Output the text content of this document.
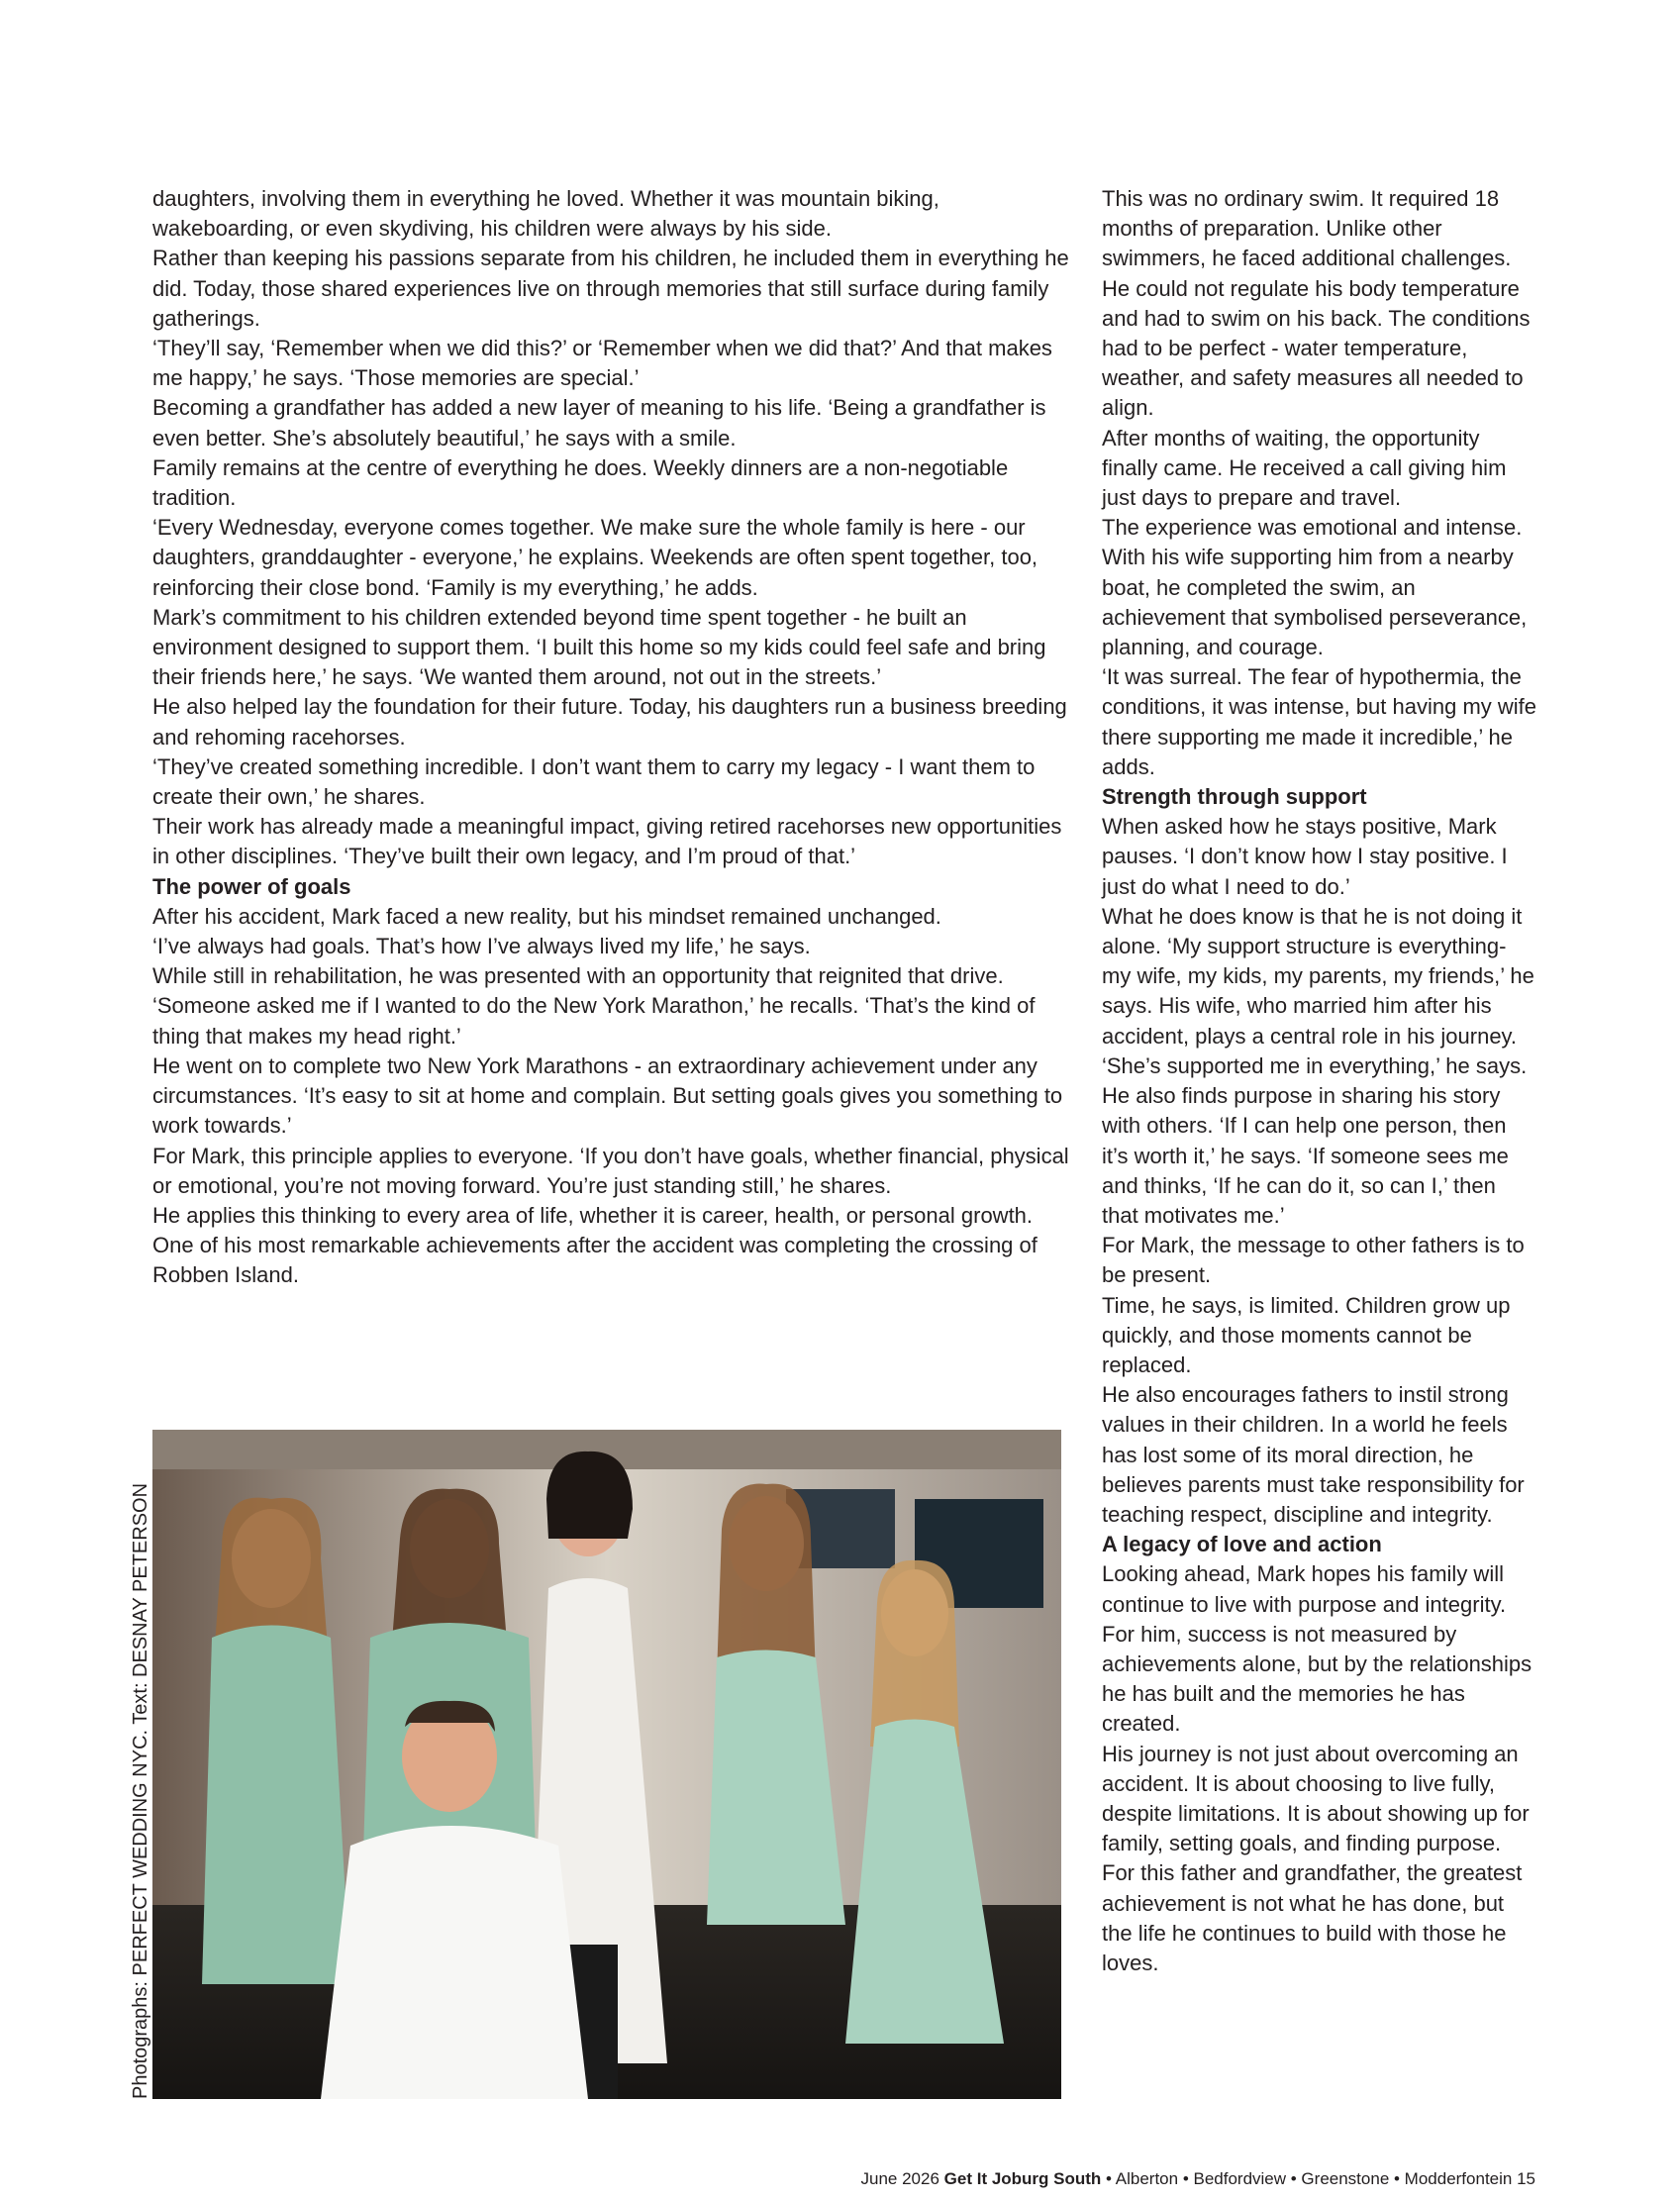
daughters, involving them in everything he loved. Whether it was mountain biking, wakeboarding, or even skydiving, his children were always by his side.

Rather than keeping his passions separate from his children, he included them in everything he did. Today, those shared experiences live on through memories that still surface during family gatherings.

‘They’ll say, ‘Remember when we did this?’ or ‘Remember when we did that?’ And that makes me happy,’ he says. ‘Those memories are special.’

Becoming a grandfather has added a new layer of meaning to his life. ‘Being a grandfather is even better. She’s absolutely beautiful,’ he says with a smile.

Family remains at the centre of everything he does. Weekly dinners are a non-negotiable tradition.

‘Every Wednesday, everyone comes together. We make sure the whole family is here - our daughters, granddaughter - everyone,’ he explains. Weekends are often spent together, too, reinforcing their close bond. ‘Family is my everything,’ he adds.

Mark’s commitment to his children extended beyond time spent together - he built an environment designed to support them. ‘I built this home so my kids could feel safe and bring their friends here,’ he says. ‘We wanted them around, not out in the streets.’

He also helped lay the foundation for their future. Today, his daughters run a business breeding and rehoming racehorses.

‘They’ve created something incredible. I don’t want them to carry my legacy - I want them to create their own,’ he shares.

Their work has already made a meaningful impact, giving retired racehorses new opportunities in other disciplines. ‘They’ve built their own legacy, and I’m proud of that.’

The power of goals

After his accident, Mark faced a new reality, but his mindset remained unchanged.

‘I’ve always had goals. That’s how I’ve always lived my life,’ he says.

While still in rehabilitation, he was presented with an opportunity that reignited that drive.

‘Someone asked me if I wanted to do the New York Marathon,’ he recalls. ‘That’s the kind of thing that makes my head right.’

He went on to complete two New York Marathons - an extraordinary achievement under any circumstances. ‘It’s easy to sit at home and complain. But setting goals gives you something to work towards.’

For Mark, this principle applies to everyone. ‘If you don’t have goals, whether financial, physical or emotional, you’re not moving forward. You’re just standing still,’ he shares.

He applies this thinking to every area of life, whether it is career, health, or personal growth.

One of his most remarkable achievements after the accident was completing the crossing of Robben Island.

This was no ordinary swim. It required 18 months of preparation. Unlike other swimmers, he faced additional challenges. He could not regulate his body temperature and had to swim on his back. The conditions had to be perfect - water temperature, weather, and safety measures all needed to align.

After months of waiting, the opportunity finally came. He received a call giving him just days to prepare and travel.

The experience was emotional and intense. With his wife supporting him from a nearby boat, he completed the swim, an achievement that symbolised perseverance, planning, and courage.

‘It was surreal. The fear of hypothermia, the conditions, it was intense, but having my wife there supporting me made it incredible,’ he adds.

Strength through support

When asked how he stays positive, Mark pauses. ‘I don’t know how I stay positive. I just do what I need to do.’

What he does know is that he is not doing it alone. ‘My support structure is everything- my wife, my kids, my parents, my friends,’ he says. His wife, who married him after his accident, plays a central role in his journey. ‘She’s supported me in everything,’ he says.

He also finds purpose in sharing his story with others. ‘If I can help one person, then it’s worth it,’ he says. ‘If someone sees me and thinks, ‘If he can do it, so can I,’ then that motivates me.’

For Mark, the message to other fathers is to be present.

Time, he says, is limited. Children grow up quickly, and those moments cannot be replaced.

He also encourages fathers to instil strong values in their children. In a world he feels has lost some of its moral direction, he believes parents must take responsibility for teaching respect, discipline and integrity.

A legacy of love and action

Looking ahead, Mark hopes his family will continue to live with purpose and integrity.

For him, success is not measured by achievements alone, but by the relationships he has built and the memories he has created.

His journey is not just about overcoming an accident. It is about choosing to live fully, despite limitations. It is about showing up for family, setting goals, and finding purpose.

For this father and grandfather, the greatest achievement is not what he has done, but the life he continues to build with those he loves.

Photographs: PERFECT WEDDING NYC. Text: DESNAY PETERSON
June 2026 Get It Joburg South • Alberton • Bedfordview • Greenstone • Modderfontein 15
